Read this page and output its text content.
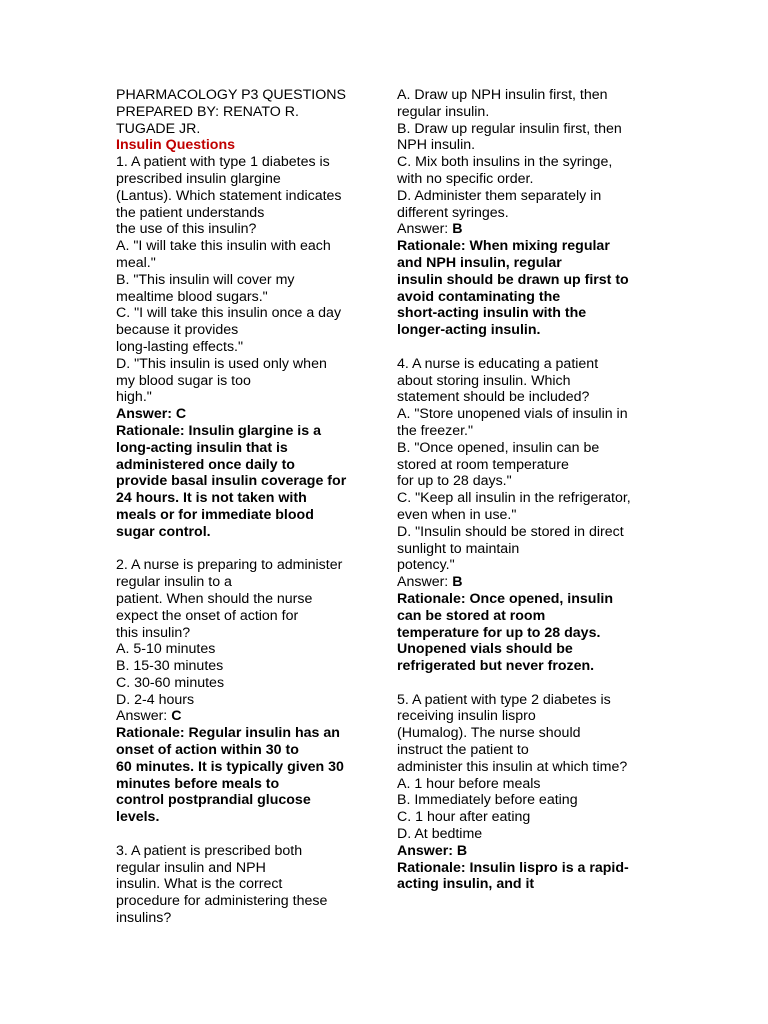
PHARMACOLOGY P3 QUESTIONS
PREPARED BY: RENATO R.
TUGADE JR.
Insulin Questions
1. A patient with type 1 diabetes is
prescribed insulin glargine
(Lantus). Which statement indicates
the patient understands
the use of this insulin?
A. "I will take this insulin with each
meal."
B. "This insulin will cover my
mealtime blood sugars."
C. "I will take this insulin once a day
because it provides
long-lasting effects."
D. "This insulin is used only when
my blood sugar is too
high."
Answer: C
Rationale: Insulin glargine is a
long-acting insulin that is
administered once daily to
provide basal insulin coverage for
24 hours. It is not taken with
meals or for immediate blood
sugar control.
2. A nurse is preparing to administer
regular insulin to a
patient. When should the nurse
expect the onset of action for
this insulin?
A. 5-10 minutes
B. 15-30 minutes
C. 30-60 minutes
D. 2-4 hours
Answer: C
Rationale: Regular insulin has an
onset of action within 30 to
60 minutes. It is typically given 30
minutes before meals to
control postprandial glucose
levels.
3. A patient is prescribed both
regular insulin and NPH
insulin. What is the correct
procedure for administering these
insulins?
A. Draw up NPH insulin first, then
regular insulin.
B. Draw up regular insulin first, then
NPH insulin.
C. Mix both insulins in the syringe,
with no specific order.
D. Administer them separately in
different syringes.
Answer: B
Rationale: When mixing regular
and NPH insulin, regular
insulin should be drawn up first to
avoid contaminating the
short-acting insulin with the
longer-acting insulin.
4. A nurse is educating a patient
about storing insulin. Which
statement should be included?
A. "Store unopened vials of insulin in
the freezer."
B. "Once opened, insulin can be
stored at room temperature
for up to 28 days."
C. "Keep all insulin in the refrigerator,
even when in use."
D. "Insulin should be stored in direct
sunlight to maintain
potency."
Answer: B
Rationale: Once opened, insulin
can be stored at room
temperature for up to 28 days.
Unopened vials should be
refrigerated but never frozen.
5. A patient with type 2 diabetes is
receiving insulin lispro
(Humalog). The nurse should
instruct the patient to
administer this insulin at which time?
A. 1 hour before meals
B. Immediately before eating
C. 1 hour after eating
D. At bedtime
Answer: B
Rationale: Insulin lispro is a rapid-
acting insulin, and it
